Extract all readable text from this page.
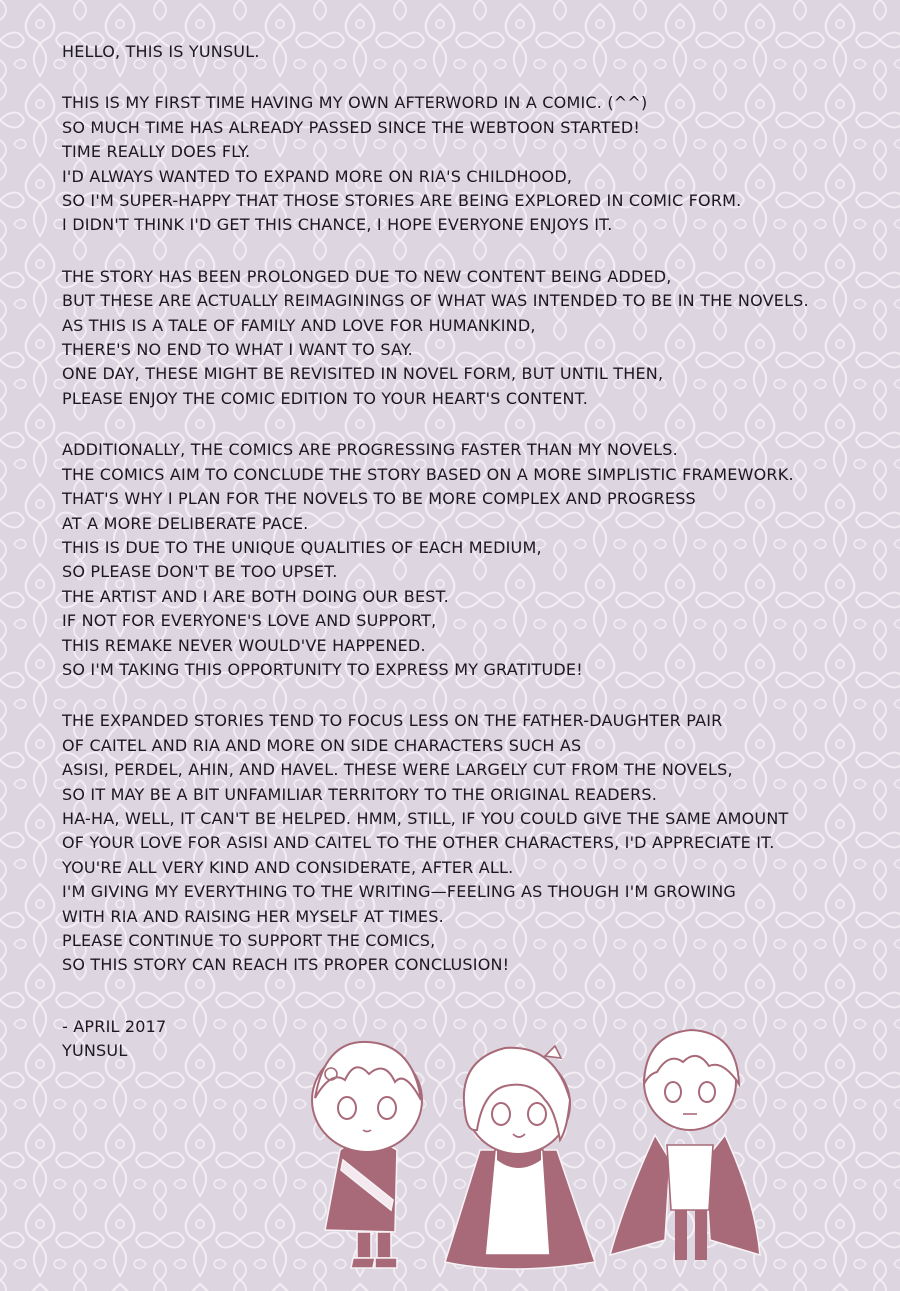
HELLO, THIS IS YUNSUL.
THIS IS MY FIRST TIME HAVING MY OWN AFTERWORD IN A COMIC. (^^)
SO MUCH TIME HAS ALREADY PASSED SINCE THE WEBTOON STARTED!
TIME REALLY DOES FLY.
I'D ALWAYS WANTED TO EXPAND MORE ON RIA'S CHILDHOOD,
SO I'M SUPER-HAPPY THAT THOSE STORIES ARE BEING EXPLORED IN COMIC FORM.
I DIDN'T THINK I'D GET THIS CHANCE, I HOPE EVERYONE ENJOYS IT.
THE STORY HAS BEEN PROLONGED DUE TO NEW CONTENT BEING ADDED,
BUT THESE ARE ACTUALLY REIMAGININGS OF WHAT WAS INTENDED TO BE IN THE NOVELS.
AS THIS IS A TALE OF FAMILY AND LOVE FOR HUMANKIND,
THERE'S NO END TO WHAT I WANT TO SAY.
ONE DAY, THESE MIGHT BE REVISITED IN NOVEL FORM, BUT UNTIL THEN,
PLEASE ENJOY THE COMIC EDITION TO YOUR HEART'S CONTENT.
ADDITIONALLY, THE COMICS ARE PROGRESSING FASTER THAN MY NOVELS.
THE COMICS AIM TO CONCLUDE THE STORY BASED ON A MORE SIMPLISTIC FRAMEWORK.
THAT'S WHY I PLAN FOR THE NOVELS TO BE MORE COMPLEX AND PROGRESS
AT A MORE DELIBERATE PACE.
THIS IS DUE TO THE UNIQUE QUALITIES OF EACH MEDIUM,
SO PLEASE DON'T BE TOO UPSET.
THE ARTIST AND I ARE BOTH DOING OUR BEST.
IF NOT FOR EVERYONE'S LOVE AND SUPPORT,
THIS REMAKE NEVER WOULD'VE HAPPENED.
SO I'M TAKING THIS OPPORTUNITY TO EXPRESS MY GRATITUDE!
THE EXPANDED STORIES TEND TO FOCUS LESS ON THE FATHER-DAUGHTER PAIR
OF CAITEL AND RIA AND MORE ON SIDE CHARACTERS SUCH AS
ASISI, PERDEL, AHIN, AND HAVEL. THESE WERE LARGELY CUT FROM THE NOVELS,
SO IT MAY BE A BIT UNFAMILIAR TERRITORY TO THE ORIGINAL READERS.
HA-HA, WELL, IT CAN'T BE HELPED. HMM, STILL, IF YOU COULD GIVE THE SAME AMOUNT
OF YOUR LOVE FOR ASISI AND CAITEL TO THE OTHER CHARACTERS, I'D APPRECIATE IT.
YOU'RE ALL VERY KIND AND CONSIDERATE, AFTER ALL.
I'M GIVING MY EVERYTHING TO THE WRITING—FEELING AS THOUGH I'M GROWING
WITH RIA AND RAISING HER MYSELF AT TIMES.
PLEASE CONTINUE TO SUPPORT THE COMICS,
SO THIS STORY CAN REACH ITS PROPER CONCLUSION!
- APRIL 2017
YUNSUL
